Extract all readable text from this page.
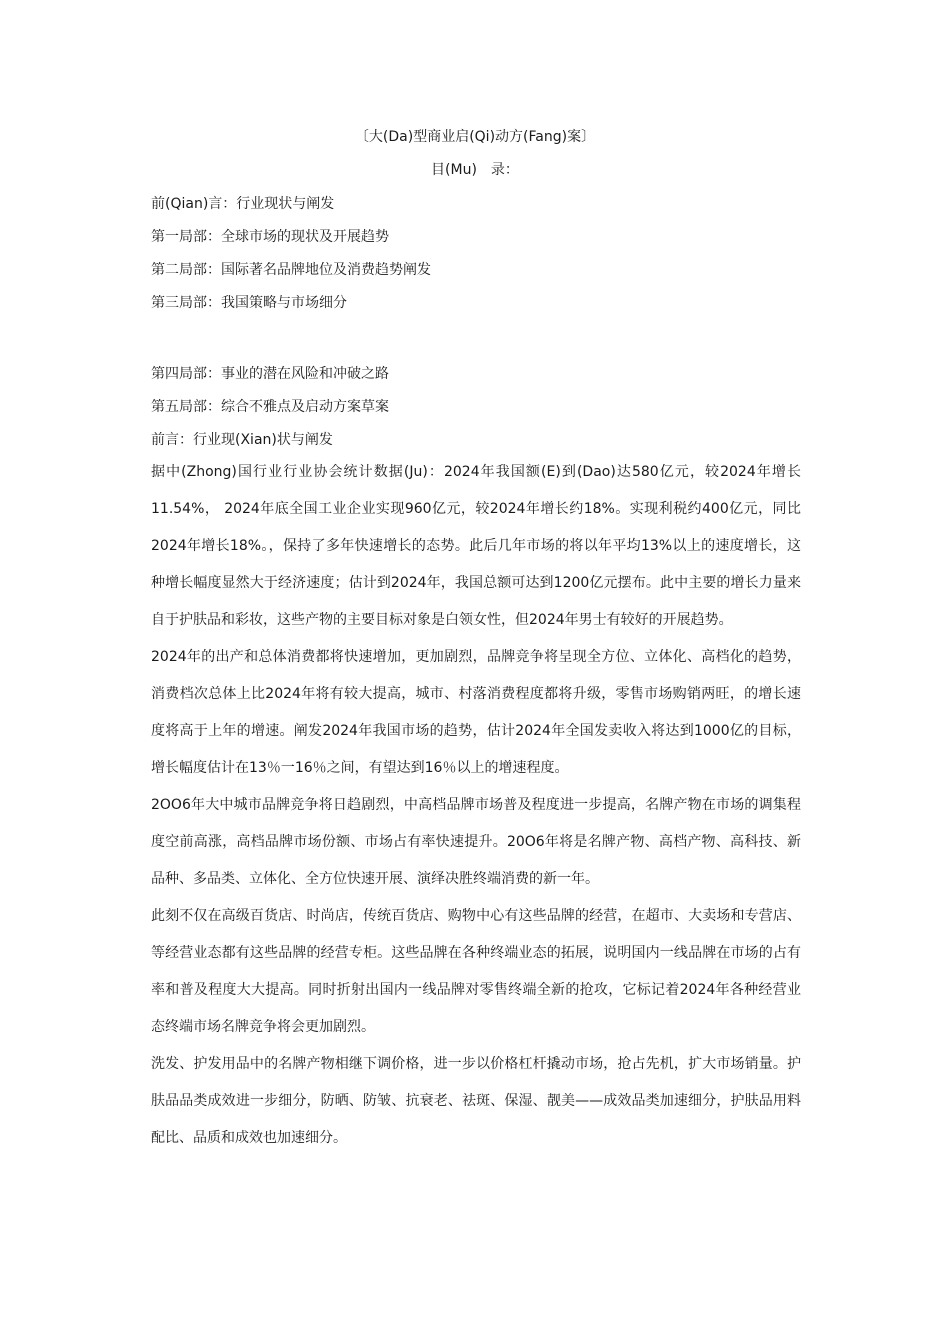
〔大(Da)型商业启(Qi)动方(Fang)案〕
目(Mu)　录：
前(Qian)言：行业现状与阐发
第一局部：全球市场的现状及开展趋势
第二局部：国际著名品牌地位及消费趋势阐发
第三局部：我国策略与市场细分
第四局部：事业的潜在风险和冲破之路
第五局部：综合不雅点及启动方案草案
前言：行业现(Xian)状与阐发

据中(Zhong)国行业行业协会统计数据(Ju)：2024年我国额(E)到(Dao)达580亿元，较2024年增长11.54%， 2024年底全国工业企业实现960亿元，较2024年增长约18%。实现利税约400亿元，同比2024年增长18%。，保持了多年快速增长的态势。此后几年市场的将以年平均13%以上的速度增长，这种增长幅度显然大于经济速度；估计到2024年，我国总额可达到1200亿元摆布。此中主要的增长力量来自于护肤品和彩妆，这些产物的主要目标对象是白领女性，但2024年男士有较好的开展趋势。

2024年的出产和总体消费都将快速增加，更加剧烈，品牌竞争将呈现全方位、立体化、高档化的趋势，消费档次总体上比2024年将有较大提高，城市、村落消费程度都将升级，零售市场购销两旺，的增长速度将高于上年的增速。阐发2024年我国市场的趋势，估计2024年全国发卖收入将达到1000亿的目标，增长幅度估计在13％一16％之间，有望达到16％以上的增速程度。

2OO6年大中城市品牌竞争将日趋剧烈，中高档品牌市场普及程度进一步提高，名牌产物在市场的调集程度空前高涨，高档品牌市场份额、市场占有率快速提升。20O6年将是名牌产物、高档产物、高科技、新品种、多品类、立体化、全方位快速开展、演绎决胜终端消费的新一年。

此刻不仅在高级百货店、时尚店，传统百货店、购物中心有这些品牌的经营，在超市、大卖场和专营店、等经营业态都有这些品牌的经营专柜。这些品牌在各种终端业态的拓展，说明国内一线品牌在市场的占有率和普及程度大大提高。同时折射出国内一线品牌对零售终端全新的抢攻，它标记着2024年各种经营业态终端市场名牌竞争将会更加剧烈。

洗发、护发用品中的名牌产物相继下调价格，进一步以价格杠杆撬动市场，抢占先机，扩大市场销量。护肤品品类成效进一步细分，防晒、防皱、抗衰老、祛斑、保湿、靓美——成效品类加速细分，护肤品用料配比、品质和成效也加速细分。
